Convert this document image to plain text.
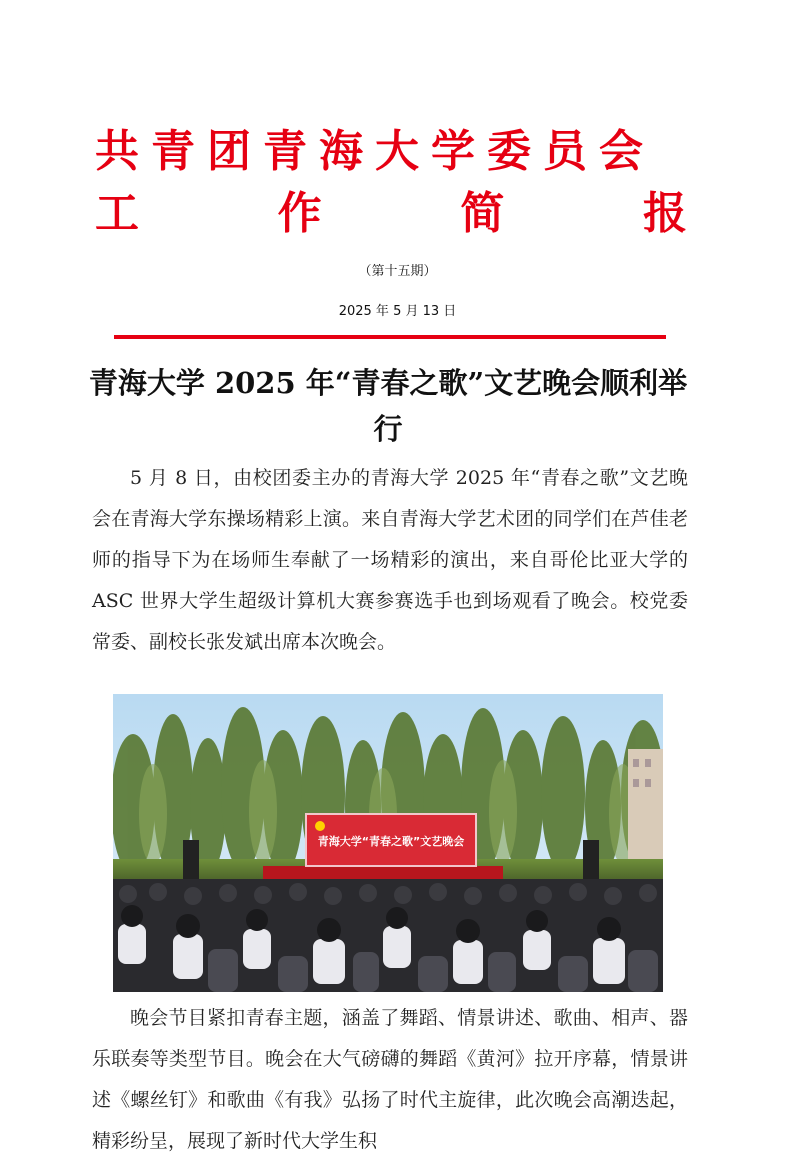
共青团青海大学委员会
工	作	简	报
（第十五期）
2025 年 5 月 13 日
青海大学 2025 年“青春之歌”文艺晚会顺利举行
5 月 8 日，由校团委主办的青海大学 2025 年“青春之歌”文艺晚会在青海大学东操场精彩上演。来自青海大学艺术团的同学们在芦佳老师的指导下为在场师生奉献了一场精彩的演出，来自哥伦比亚大学的 ASC 世界大学生超级计算机大赛参赛选手也到场观看了晚会。校党委常委、副校长张发斌出席本次晚会。
青海大学“青春之歌”文艺晚会
晚会节目紧扣青春主题，涵盖了舞蹈、情景讲述、歌曲、相声、器乐联奏等类型节目。晚会在大气磅礴的舞蹈《黄河》拉开序幕，情景讲述《螺丝钉》和歌曲《有我》弘扬了时代主旋律，此次晚会高潮迭起，精彩纷呈，展现了新时代大学生积
